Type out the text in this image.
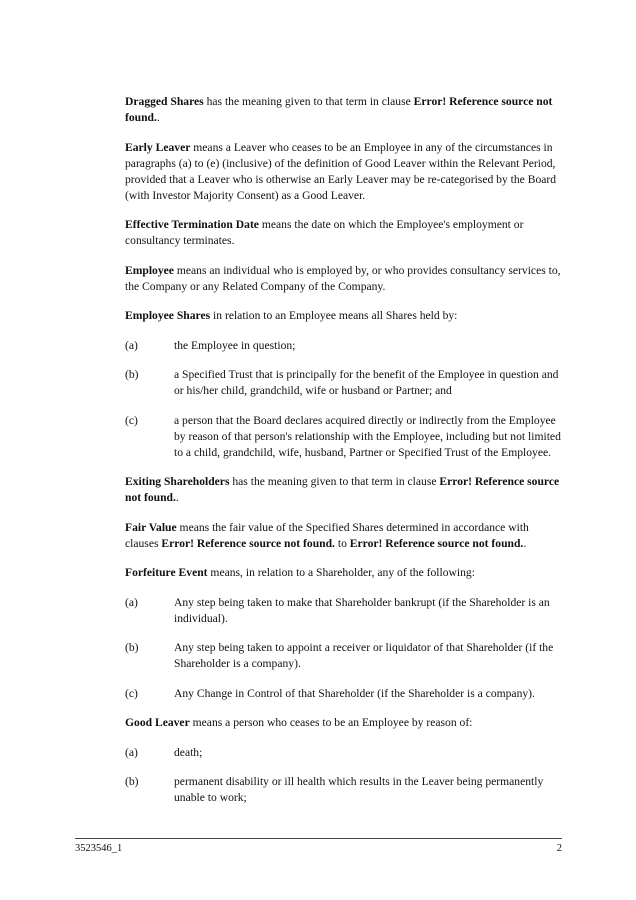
Dragged Shares has the meaning given to that term in clause Error! Reference source not found..

Early Leaver means a Leaver who ceases to be an Employee in any of the circumstances in paragraphs (a) to (e) (inclusive) of the definition of Good Leaver within the Relevant Period, provided that a Leaver who is otherwise an Early Leaver may be re-categorised by the Board (with Investor Majority Consent) as a Good Leaver.

Effective Termination Date means the date on which the Employee's employment or consultancy terminates.

Employee means an individual who is employed by, or who provides consultancy services to, the Company or any Related Company of the Company.

Employee Shares in relation to an Employee means all Shares held by:

(a)	the Employee in question;
(b)	a Specified Trust that is principally for the benefit of the Employee in question and or his/her child, grandchild, wife or husband or Partner; and
(c)	a person that the Board declares acquired directly or indirectly from the Employee by reason of that person's relationship with the Employee, including but not limited to a child, grandchild, wife, husband, Partner or Specified Trust of the Employee.

Exiting Shareholders has the meaning given to that term in clause Error! Reference source not found..

Fair Value means the fair value of the Specified Shares determined in accordance with clauses Error! Reference source not found. to Error! Reference source not found..

Forfeiture Event means, in relation to a Shareholder, any of the following:

(a)	Any step being taken to make that Shareholder bankrupt (if the Shareholder is an individual).
(b)	Any step being taken to appoint a receiver or liquidator of that Shareholder (if the Shareholder is a company).
(c)	Any Change in Control of that Shareholder (if the Shareholder is a company).

Good Leaver means a person who ceases to be an Employee by reason of:

(a)	death;
(b)	permanent disability or ill health which results in the Leaver being permanently unable to work;
3523546_1	2
